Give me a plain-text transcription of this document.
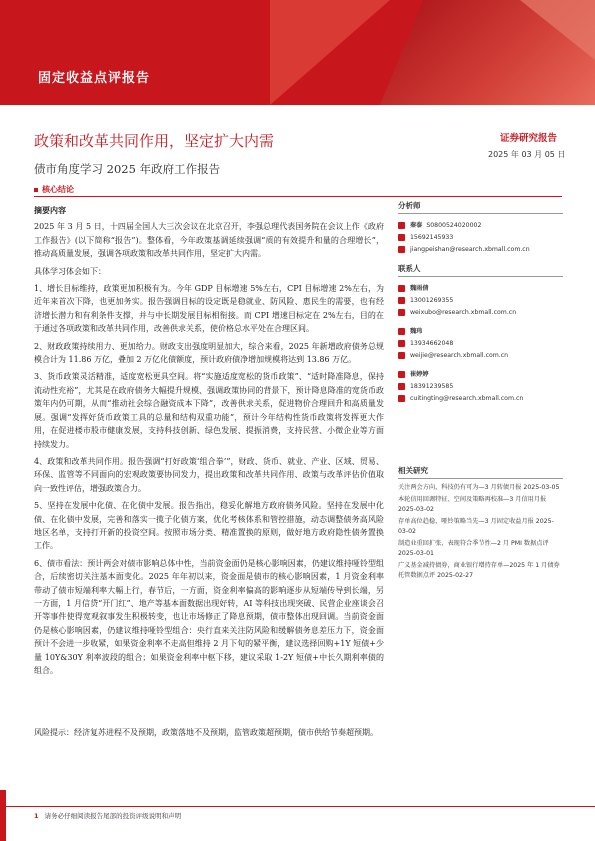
固定收益点评报告
政策和改革共同作用，坚定扩大内需
债市角度学习 2025 年政府工作报告
证券研究报告
2025 年 03 月 05 日
核心结论
摘要内容

2025 年 3 月 5 日，十四届全国人大三次会议在北京召开，李强总理代表国务院在会议上作《政府工作报告》(以下简称“报告”)。整体看，今年政策基调延续强调“质的有效提升和量的合理增长”，推动高质量发展，强调各项政策和改革共同作用，坚定扩大内需。

具体学习体会如下：

1、增长目标维持，政策更加积极有为。今年 GDP 目标增速 5%左右，CPI 目标增速 2%左右，为近年来首次下降，也更加务实。报告强调目标的设定既是稳就业、防风险、惠民生的需要，也有经济增长潜力和有利条件支撑，并与中长期发展目标相衔接。而 CPI 增速目标定在 2%左右，目的在于通过各项政策和改革共同作用，改善供求关系，使价格总水平处在合理区间。

2、财政政策持续用力、更加给力。财政支出强度明显加大，综合来看，2025 年新增政府债务总规模合计为 11.86 万亿，叠加 2 万亿化债额度，预计政府债净增加规模将达到 13.86 万亿。

3、货币政策灵活精准，适度宽松更具空间。将“实施适度宽松的货币政策”、“适时降准降息，保持流动性充裕”，尤其是在政府债务大幅提升规模、强调政策协同的背景下，预计降息降准的宽货币政策年内仍可期，从而“推动社会综合融资成本下降”，改善供求关系，促进物价合理回升和高质量发展。强调“发挥好货币政策工具的总量和结构双重功能”，预计今年结构性货币政策将发挥更大作用，在促进楼市股市健康发展，支持科技创新、绿色发展、提振消费，支持民营、小微企业等方面持续发力。

4、政策和改革共同作用。报告强调“打好政策‘组合拳’”，财政、货币、就业、产业、区域、贸易、环保、监管等不同面向的宏观政策要协同发力，提出政策和改革共同作用、政策与改革评估价值取向一致性评估，增强政策合力。

5、坚持在发展中化债、在化债中发展。报告指出，稳妥化解地方政府债务风险。坚持在发展中化债、在化债中发展，完善和落实一揽子化债方案，优化考核体系和管控措施，动态调整债务高风险地区名单，支持打开新的投资空间。按照市场分类、精准置换的原则，做好地方政府隐性债务置换工作。

6、债市看法：预计两会对债市影响总体中性，当前资金面仍是核心影响因素，仍建议维持哑铃型组合，后续密切关注基本面变化。2025 年年初以来，资金面是债市的核心影响因素，1 月资金利率带动了债市短端利率大幅上行，春节后，一方面，资金利率偏高的影响逐步从短端传导到长端，另一方面，1 月信贷“开门红”、地产等基本面数据出现好转，AI 等科技出现突破、民营企业座谈会召开等事件使得宽观叙事发生积极转变，也让市场修正了降息预期，债市整体出现回调。当前资金面仍是核心影响因素，仍建议维持哑铃型组合：央行直来关注防风险和缓解债务息差压力下，资金面预计不会进一步收紧，如果资金利率不走高但维持 2 月下旬的紧平衡，建议选择回购+1Y 短债+少量 10Y&30Y 利率波段的组合；如果资金利率中枢下移，建议采取 1-2Y 短债+中长久期利率债的组合。

分析师
秦泰 S0800524020002
15692145933
jiangpeishan@research.xbmall.com.cn
联系人
魏雨倩
13001269355
weixubo@research.xbmall.com.cn
魏玮
13934662048
weijie@research.xbmall.com.cn
崔婷婷
18391239585
cuitingting@research.xbmall.com.cn
相关研究
关注两会方向，科技仍有可为—3 月转债月报 2025-03-05
本轮信用回调特征、空间及策略再校准—3 月信用月报 2025-03-02
存单高位趋稳，哑铃策略当先—3 月固定收益月报 2025-03-02
制造业重回扩张，表现符合季节性—2 月 PMI 数据点评 2025-03-01
广义基金减持债券，商业银行增持存单—2025 年 1 月债券托管数据点评 2025-02-27
风险提示：经济复苏进程不及预期，政策落地不及预期，监管政策超预期，债市供给节奏超预期。
1 请务必仔细阅读报告尾部的投资评级说明和声明
